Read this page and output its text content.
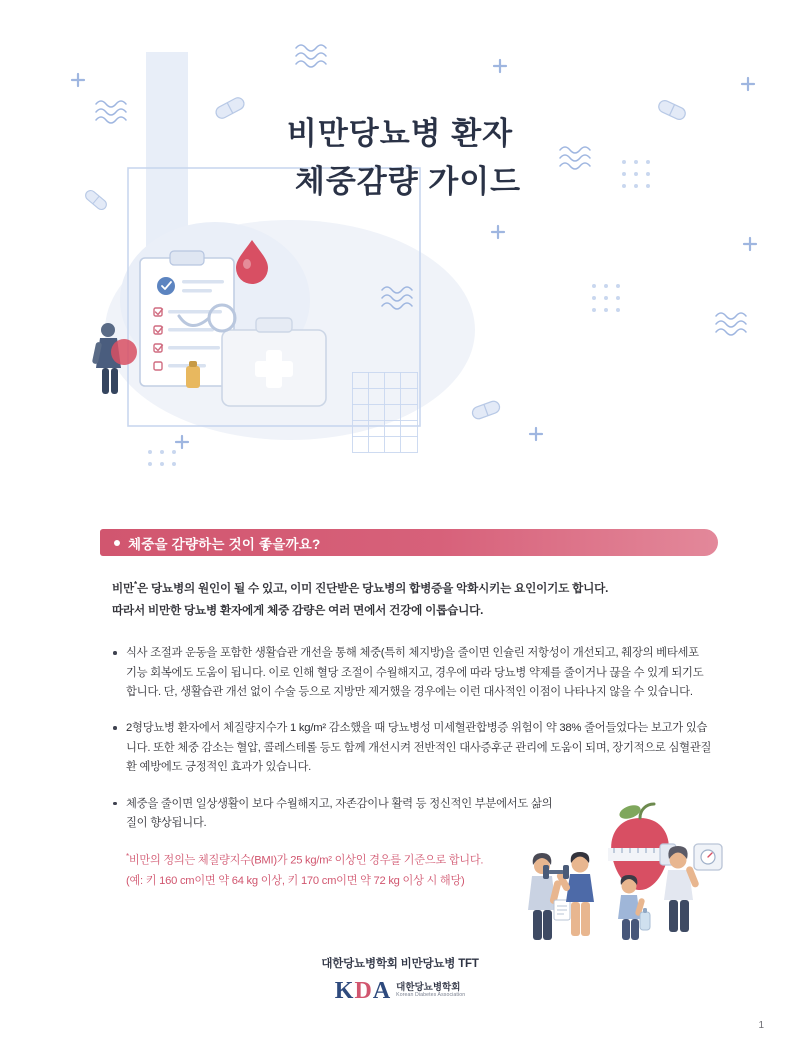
비만당뇨병 환자
체중감량 가이드
체중을 감량하는 것이 좋을까요?

비만*은 당뇨병의 원인이 될 수 있고, 이미 진단받은 당뇨병의 합병증을 악화시키는 요인이기도 합니다.

따라서 비만한 당뇨병 환자에게 체중 감량은 여러 면에서 건강에 이롭습니다.

식사 조절과 운동을 포함한 생활습관 개선을 통해 체중(특히 체지방)을 줄이면 인슐린 저항성이 개선되고, 췌장의 베타세포 기능 회복에도 도움이 됩니다. 이로 인해 혈당 조절이 수월해지고, 경우에 따라 당뇨병 약제를 줄이거나 끊을 수 있게 되기도 합니다. 단, 생활습관 개선 없이 수술 등으로 지방만 제거했을 경우에는 이런 대사적인 이점이 나타나지 않을 수 있습니다.
2형당뇨병 환자에서 체질량지수가 1 kg/m² 감소했을 때 당뇨병성 미세혈관합병증 위험이 약 38% 줄어들었다는 보고가 있습니다. 또한 체중 감소는 혈압, 콜레스테롤 등도 함께 개선시켜 전반적인 대사증후군 관리에 도움이 되며, 장기적으로 심혈관질환 예방에도 긍정적인 효과가 있습니다.
체중을 줄이면 일상생활이 보다 수월해지고, 자존감이나 활력 등 정신적인 부분에서도 삶의 질이 향상됩니다.
*비만의 정의는 체질량지수(BMI)가 25 kg/m² 이상인 경우를 기준으로 합니다.
(예: 키 160 cm이면 약 64 kg 이상, 키 170 cm이면 약 72 kg 이상 시 해당)
대한당뇨병학회 비만당뇨병 TFT
KDA 대한당뇨병학회
Korean Diabetes Association
1
